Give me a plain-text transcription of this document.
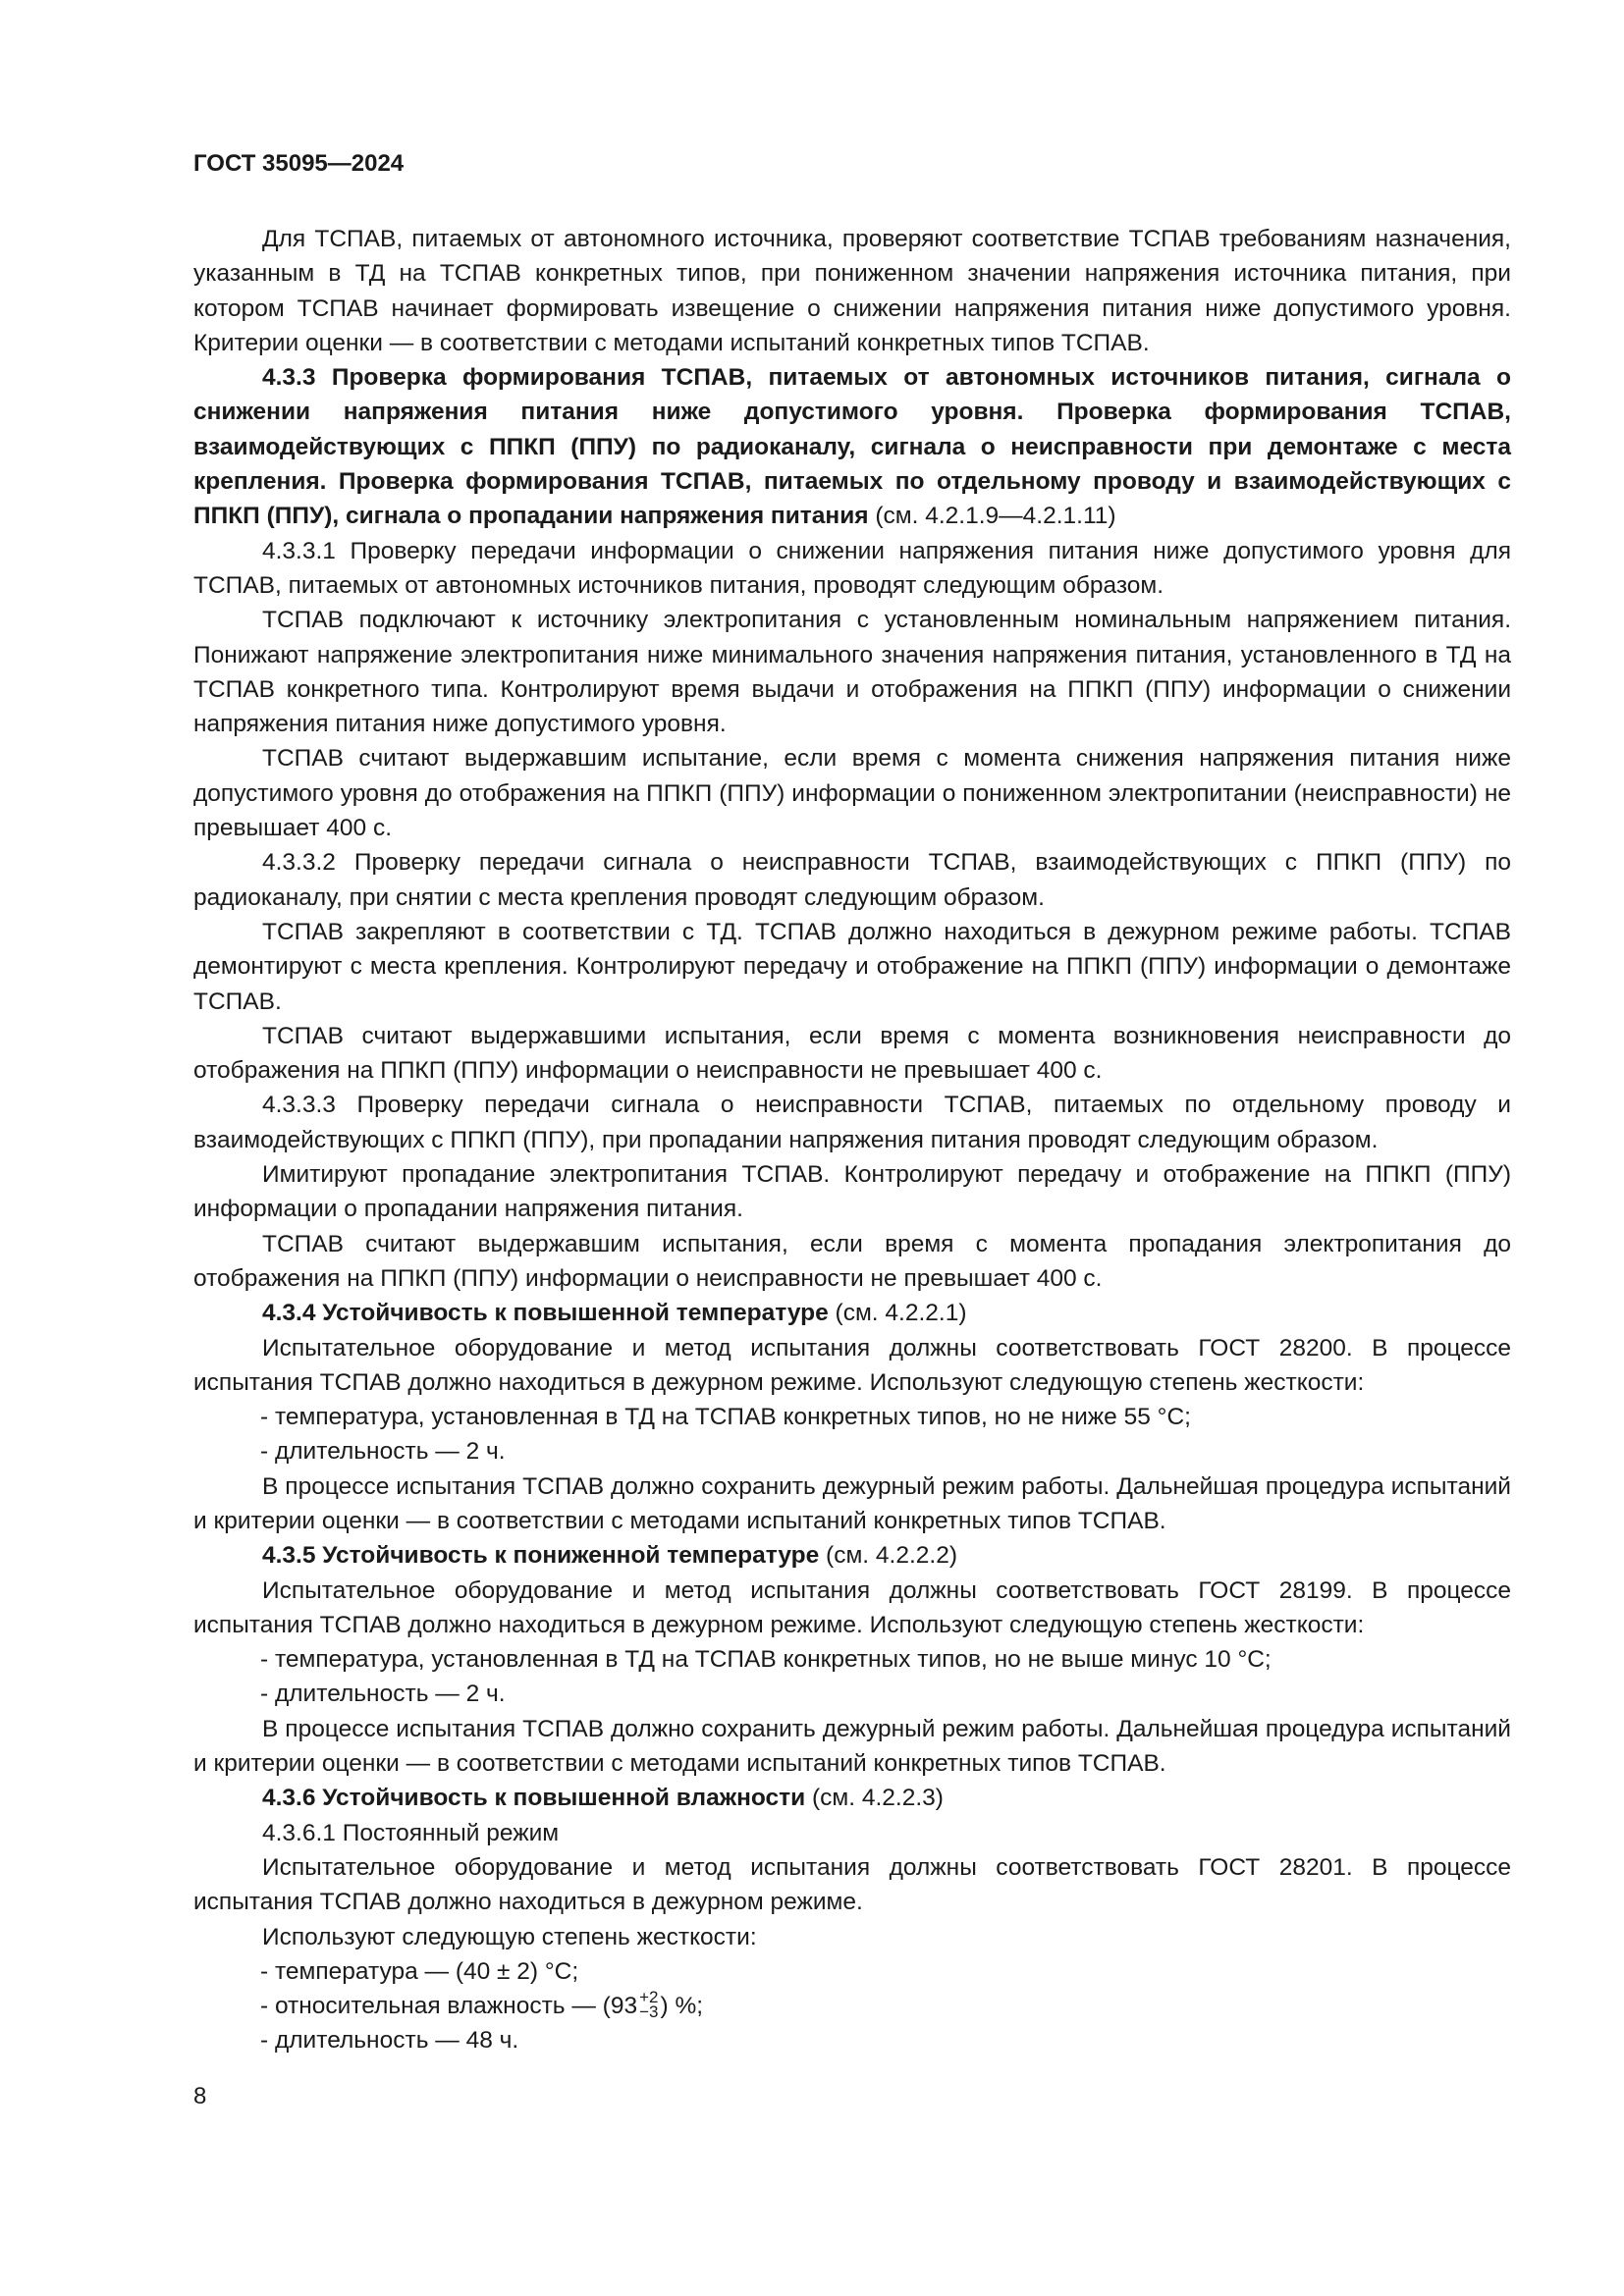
ГОСТ 35095—2024

Для ТСПАВ, питаемых от автономного источника, проверяют соответствие ТСПАВ требованиям назначения, указанным в ТД на ТСПАВ конкретных типов, при пониженном значении напряжения источника питания, при котором ТСПАВ начинает формировать извещение о снижении напряжения питания ниже допустимого уровня. Критерии оценки — в соответствии с методами испытаний конкретных типов ТСПАВ.

4.3.3 Проверка формирования ТСПАВ, питаемых от автономных источников питания, сигнала о снижении напряжения питания ниже допустимого уровня. Проверка формирования ТСПАВ, взаимодействующих с ППКП (ППУ) по радиоканалу, сигнала о неисправности при демонтаже с места крепления. Проверка формирования ТСПАВ, питаемых по отдельному проводу и взаимодействующих с ППКП (ППУ), сигнала о пропадании напряжения питания (см. 4.2.1.9—4.2.1.11)

4.3.3.1 Проверку передачи информации о снижении напряжения питания ниже допустимого уровня для ТСПАВ, питаемых от автономных источников питания, проводят следующим образом.

ТСПАВ подключают к источнику электропитания с установленным номинальным напряжением питания. Понижают напряжение электропитания ниже минимального значения напряжения питания, установленного в ТД на ТСПАВ конкретного типа. Контролируют время выдачи и отображения на ППКП (ППУ) информации о снижении напряжения питания ниже допустимого уровня.

ТСПАВ считают выдержавшим испытание, если время с момента снижения напряжения питания ниже допустимого уровня до отображения на ППКП (ППУ) информации о пониженном электропитании (неисправности) не превышает 400 с.

4.3.3.2 Проверку передачи сигнала о неисправности ТСПАВ, взаимодействующих с ППКП (ППУ) по радиоканалу, при снятии с места крепления проводят следующим образом.

ТСПАВ закрепляют в соответствии с ТД. ТСПАВ должно находиться в дежурном режиме работы. ТСПАВ демонтируют с места крепления. Контролируют передачу и отображение на ППКП (ППУ) информации о демонтаже ТСПАВ.

ТСПАВ считают выдержавшими испытания, если время с момента возникновения неисправности до отображения на ППКП (ППУ) информации о неисправности не превышает 400 с.

4.3.3.3 Проверку передачи сигнала о неисправности ТСПАВ, питаемых по отдельному проводу и взаимодействующих с ППКП (ППУ), при пропадании напряжения питания проводят следующим образом.

Имитируют пропадание электропитания ТСПАВ. Контролируют передачу и отображение на ППКП (ППУ) информации о пропадании напряжения питания.

ТСПАВ считают выдержавшим испытания, если время с момента пропадания электропитания до отображения на ППКП (ППУ) информации о неисправности не превышает 400 с.

4.3.4 Устойчивость к повышенной температуре (см. 4.2.2.1)

Испытательное оборудование и метод испытания должны соответствовать ГОСТ 28200. В процессе испытания ТСПАВ должно находиться в дежурном режиме. Используют следующую степень жесткости:

- температура, установленная в ТД на ТСПАВ конкретных типов, но не ниже 55 °C;

- длительность — 2 ч.

В процессе испытания ТСПАВ должно сохранить дежурный режим работы. Дальнейшая процедура испытаний и критерии оценки — в соответствии с методами испытаний конкретных типов ТСПАВ.

4.3.5 Устойчивость к пониженной температуре (см. 4.2.2.2)

Испытательное оборудование и метод испытания должны соответствовать ГОСТ 28199. В процессе испытания ТСПАВ должно находиться в дежурном режиме. Используют следующую степень жесткости:

- температура, установленная в ТД на ТСПАВ конкретных типов, но не выше минус 10 °C;

- длительность — 2 ч.

В процессе испытания ТСПАВ должно сохранить дежурный режим работы. Дальнейшая процедура испытаний и критерии оценки — в соответствии с методами испытаний конкретных типов ТСПАВ.

4.3.6 Устойчивость к повышенной влажности (см. 4.2.2.3)

4.3.6.1 Постоянный режим

Испытательное оборудование и метод испытания должны соответствовать ГОСТ 28201. В процессе испытания ТСПАВ должно находиться в дежурном режиме.

Используют следующую степень жесткости:

- температура — (40 ± 2) °C;

- относительная влажность — (93 +2
−3 ) %;

- длительность — 48 ч.

8
